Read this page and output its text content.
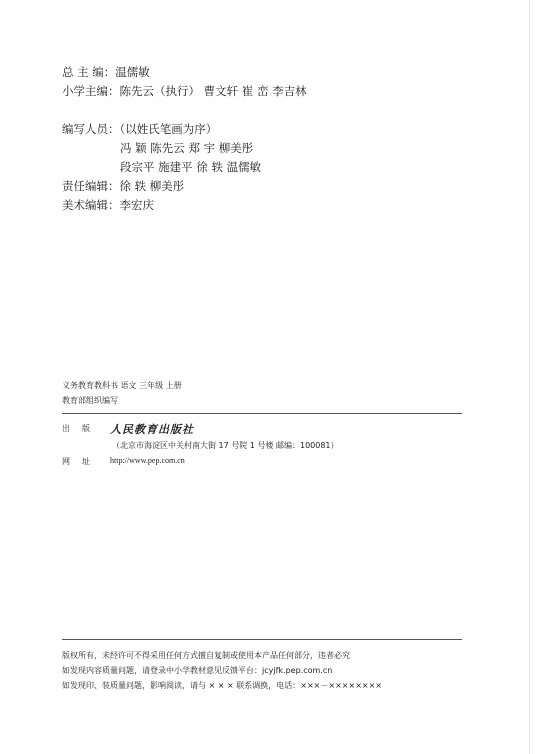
总 主 编：温儒敏
小学主编：陈先云（执行） 曹文轩 崔 峦 李吉林
编写人员：（以姓氏笔画为序）
冯 颖 陈先云 郑 宇 柳美彤
段宗平 施建平 徐 轶 温儒敏
责任编辑：徐 轶 柳美彤
美术编辑：李宏庆
义务教育教科书 语文 三年级 上册
教育部组织编写
出版 人民教育出版社
（北京市海淀区中关村南大街 17 号院 1 号楼 邮编：100081）
网址 http://www.pep.com.cn
版权所有，未经许可不得采用任何方式擅自复制或使用本产品任何部分，违者必究
如发现内容质量问题，请登录中小学教材意见反馈平台：jcyjfk.pep.com.cn
如发现印、装质量问题，影响阅读，请与 × × × 联系调换，电话：×××－××××××××
